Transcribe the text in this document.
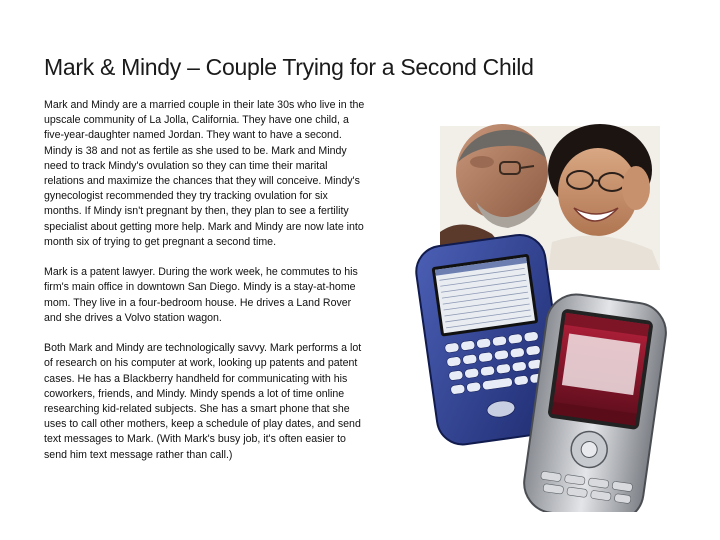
Mark & Mindy – Couple Trying for a Second Child

Mark and Mindy are a married couple in their late 30s who live in the upscale community of La Jolla, California. They have one child, a five-year-daughter named Jordan. They want to have a second. Mindy is 38 and not as fertile as she used to be. Mark and Mindy need to track Mindy's ovulation so they can time their marital relations and maximize the chances that they will conceive. Mindy's gynecologist recommended they try tracking ovulation for six months. If Mindy isn't pregnant by then, they plan to see a fertility specialist about getting more help. Mark and Mindy are now late into month six of trying to get pregnant a second time.

Mark is a patent lawyer. During the work week, he commutes to his firm's main office in downtown San Diego. Mindy is a stay-at-home mom. They live in a four-bedroom house. He drives a Land Rover and she drives a Volvo station wagon.

Both Mark and Mindy are technologically savvy. Mark performs a lot of research on his computer at work, looking up patents and patent cases. He has a Blackberry handheld for communicating with his coworkers, friends, and Mindy. Mindy spends a lot of time online researching kid-related subjects. She has a smart phone that she uses to call other mothers, keep a schedule of play dates, and send text messages to Mark. (With Mark's busy job, it's often easier to send him text message rather than call.)
